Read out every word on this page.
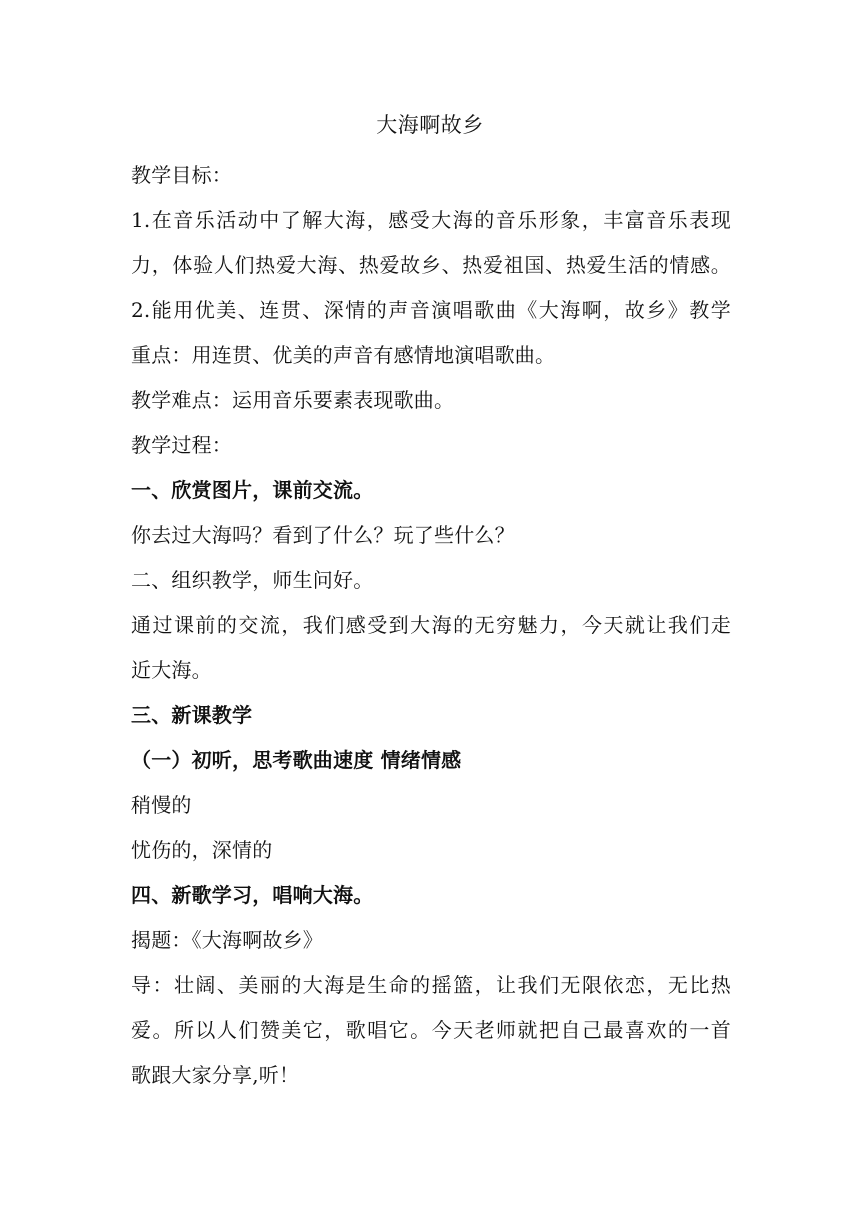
大海啊故乡
教学目标：
1.在音乐活动中了解大海，感受大海的音乐形象，丰富音乐表现
力，体验人们热爱大海、热爱故乡、热爱祖国、热爱生活的情感。
2.能用优美、连贯、深情的声音演唱歌曲《大海啊，故乡》教学
重点：用连贯、优美的声音有感情地演唱歌曲。
教学难点：运用音乐要素表现歌曲。
教学过程：
一、欣赏图片，课前交流。
你去过大海吗？看到了什么？玩了些什么？
二、组织教学，师生问好。
通过课前的交流，我们感受到大海的无穷魅力，今天就让我们走
近大海。
三、新课教学
（一）初听，思考歌曲速度 情绪情感
稍慢的
忧伤的，深情的
四、新歌学习，唱响大海。
揭题：《大海啊故乡》
导：壮阔、美丽的大海是生命的摇篮，让我们无限依恋，无比热
爱。所以人们赞美它，歌唱它。今天老师就把自己最喜欢的一首
歌跟大家分享,听！
